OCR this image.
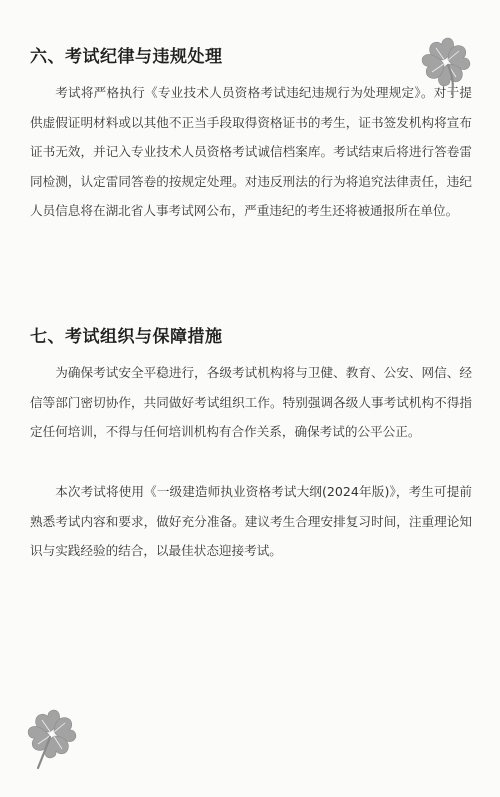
六、考试纪律与违规处理

考试将严格执行《专业技术人员资格考试违纪违规行为处理规定》。对于提供虚假证明材料或以其他不正当手段取得资格证书的考生，证书签发机构将宣布证书无效，并记入专业技术人员资格考试诚信档案库。考试结束后将进行答卷雷同检测，认定雷同答卷的按规定处理。对违反刑法的行为将追究法律责任，违纪人员信息将在湖北省人事考试网公布，严重违纪的考生还将被通报所在单位。

七、考试组织与保障措施

为确保考试安全平稳进行，各级考试机构将与卫健、教育、公安、网信、经信等部门密切协作，共同做好考试组织工作。特别强调各级人事考试机构不得指定任何培训，不得与任何培训机构有合作关系，确保考试的公平公正。

本次考试将使用《一级建造师执业资格考试大纲(2024年版)》，考生可提前熟悉考试内容和要求，做好充分准备。建议考生合理安排复习时间，注重理论知识与实践经验的结合，以最佳状态迎接考试。
